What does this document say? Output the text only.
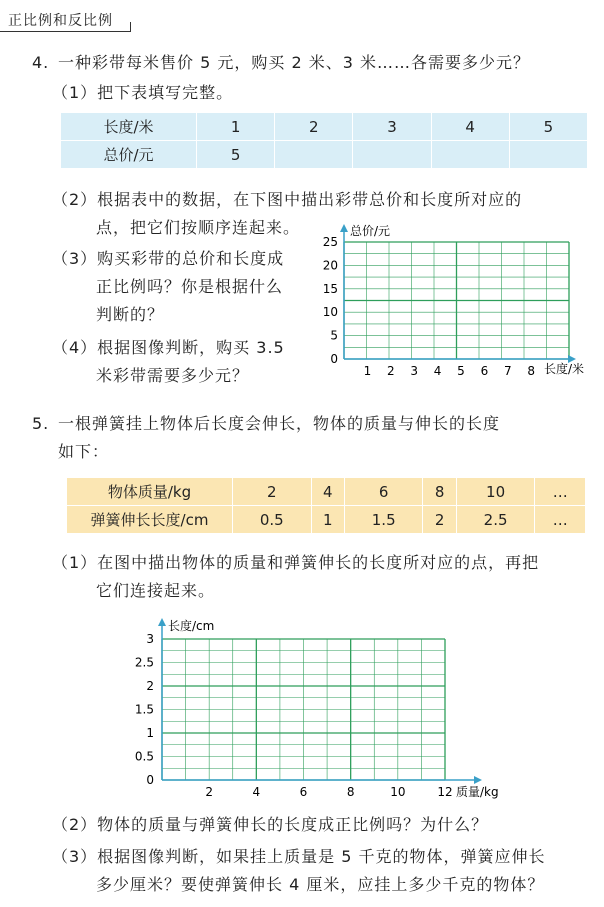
正比例和反比例
4. 一种彩带每米售价 5 元，购买 2 米、3 米……各需要多少元？
（1）把下表填写完整。
长度/米	1	2	3	4	5
总价/元	5				
（2）根据表中的数据，在下图中描出彩带总价和长度所对应的
点，把它们按顺序连起来。
（3）购买彩带的总价和长度成
正比例吗？你是根据什么
判断的？
（4）根据图像判断，购买 3.5
米彩带需要多少元？
总价/元
长度/米
0
5
10
15
20
25
1 2 3 4 5 6 7 8
5. 一根弹簧挂上物体后长度会伸长，物体的质量与伸长的长度
如下：
物体质量/kg	2	4	6	8	10	…
弹簧伸长长度/cm	0.5	1	1.5	2	2.5	…
（1）在图中描出物体的质量和弹簧伸长的长度所对应的点，再把
它们连接起来。
长度/cm
质量/kg
0
0.5
1
1.5
2
2.5
3
2	4	6	8	10	12
（2）物体的质量与弹簧伸长的长度成正比例吗？为什么？
（3）根据图像判断，如果挂上质量是 5 千克的物体，弹簧应伸长
多少厘米？要使弹簧伸长 4 厘米，应挂上多少千克的物体？
